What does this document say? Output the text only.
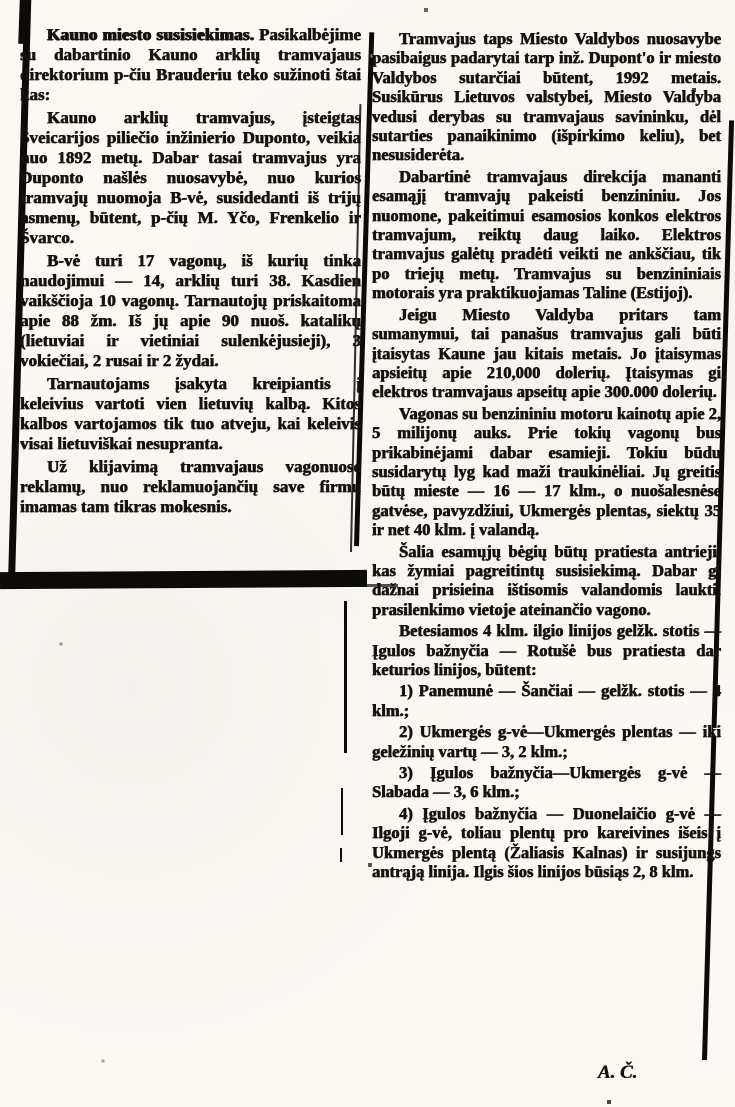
Kauno miesto susisiekimas. Pasikalbėjime su dabartinio Kauno arklių tramvajaus direktorium p-čiu Brauderiu teko sužinoti štai kas:

Kauno arklių tramvajus, įsteigtas Šveicarijos piliečio inžinierio Duponto, veikia nuo 1892 metų. Dabar tasai tramvajus yra Duponto našlės nuosavybė, nuo kurios tramvajų nuomoja B-vė, susidedanti iš trijų asmenų, būtent, p-čių M. Yčo, Frenkelio ir Švarco.

B-vė turi 17 vagonų, iš kurių tinka naudojimui — 14, arklių turi 38. Kasdien vaikščioja 10 vagonų. Tarnautojų priskaitoma apie 88 žm. Iš jų apie 90 nuoš. katalikų (lietuviai ir vietiniai sulenkėjusieji), 3 vokiečiai, 2 rusai ir 2 žydai.

Tarnautojams įsakyta kreipiantis į keleivius vartoti vien lietuvių kalbą. Kitos kalbos vartojamos tik tuo atveju, kai keleivis visai lietuviškai nesupranta.

Už klijavimą tramvajaus vagonuose reklamų, nuo reklamuojančių save firmų imamas tam tikras mokesnis.

Tramvajus taps Miesto Valdybos nuosavybe pasibaigus padarytai tarp inž. Dupont'o ir miesto Valdybos sutarčiai būtent, 1992 metais. Susikūrus Lietuvos valstybei, Miesto Valdyba vedusi derybas su tramvajaus savininku, dėl sutarties panaikinimo (išpirkimo keliu), bet nesusiderėta.

Dabartinė tramvajaus direkcija mananti esamąjį tramvajų pakeisti benzininiu. Jos nuomone, pakeitimui esamosios konkos elektros tramvajum, reiktų daug laiko. Elektros tramvajus galėtų pradėti veikti ne ankščiau, tik po triejų metų. Tramvajus su benzininiais motorais yra praktikuojamas Taline (Estijoj).

Jeigu Miesto Valdyba pritars tam sumanymui, tai panašus tramvajus gali būti įtaisytas Kaune jau kitais metais. Jo įtaisymas apsieitų apie 210,000 dolerių. Įtaisymas gi elektros tramvajaus apseitų apie 300.000 dolerių.

Vagonas su benzininiu motoru kainotų apie 2, 5 milijonų auks. Prie tokių vagonų bus prikabinėjami dabar esamieji. Tokiu būdu susidarytų lyg kad maži traukinėliai. Jų greitis būtų mieste — 16 — 17 klm., o nuošalesnėse gatvėse, pavyzdžiui, Ukmergės plentas, siektų 35 ir net 40 klm. į valandą.

Šalia esamųjų bėgių būtų pratiesta antrieji, kas žymiai pagreitintų susisiekimą. Dabar gi dažnai prisieina ištisomis valandomis laukti, prasilenkimo vietoje ateinančio vagono.

Betesiamos 4 klm. ilgio linijos gelžk. stotis — Įgulos bažnyčia — Rotušė bus pratiesta dar keturios linijos, būtent:

1) Panemunė — Šančiai — gelžk. stotis — 4 klm.;

2) Ukmergės g-vė—Ukmergės plentas — iki geležinių vartų — 3, 2 klm.;

3) Įgulos bažnyčia—Ukmergės g-vė — Slabada — 3, 6 klm.;

4) Įgulos bažnyčia — Duonelaičio g-vė — Ilgoji g-vė, toliau plentų pro kareivines išeis į Ukmergės plentą (Žaliasis Kalnas) ir susijungs antrąją linija. Ilgis šios linijos būsiąs 2, 8 klm.

A. Č.
